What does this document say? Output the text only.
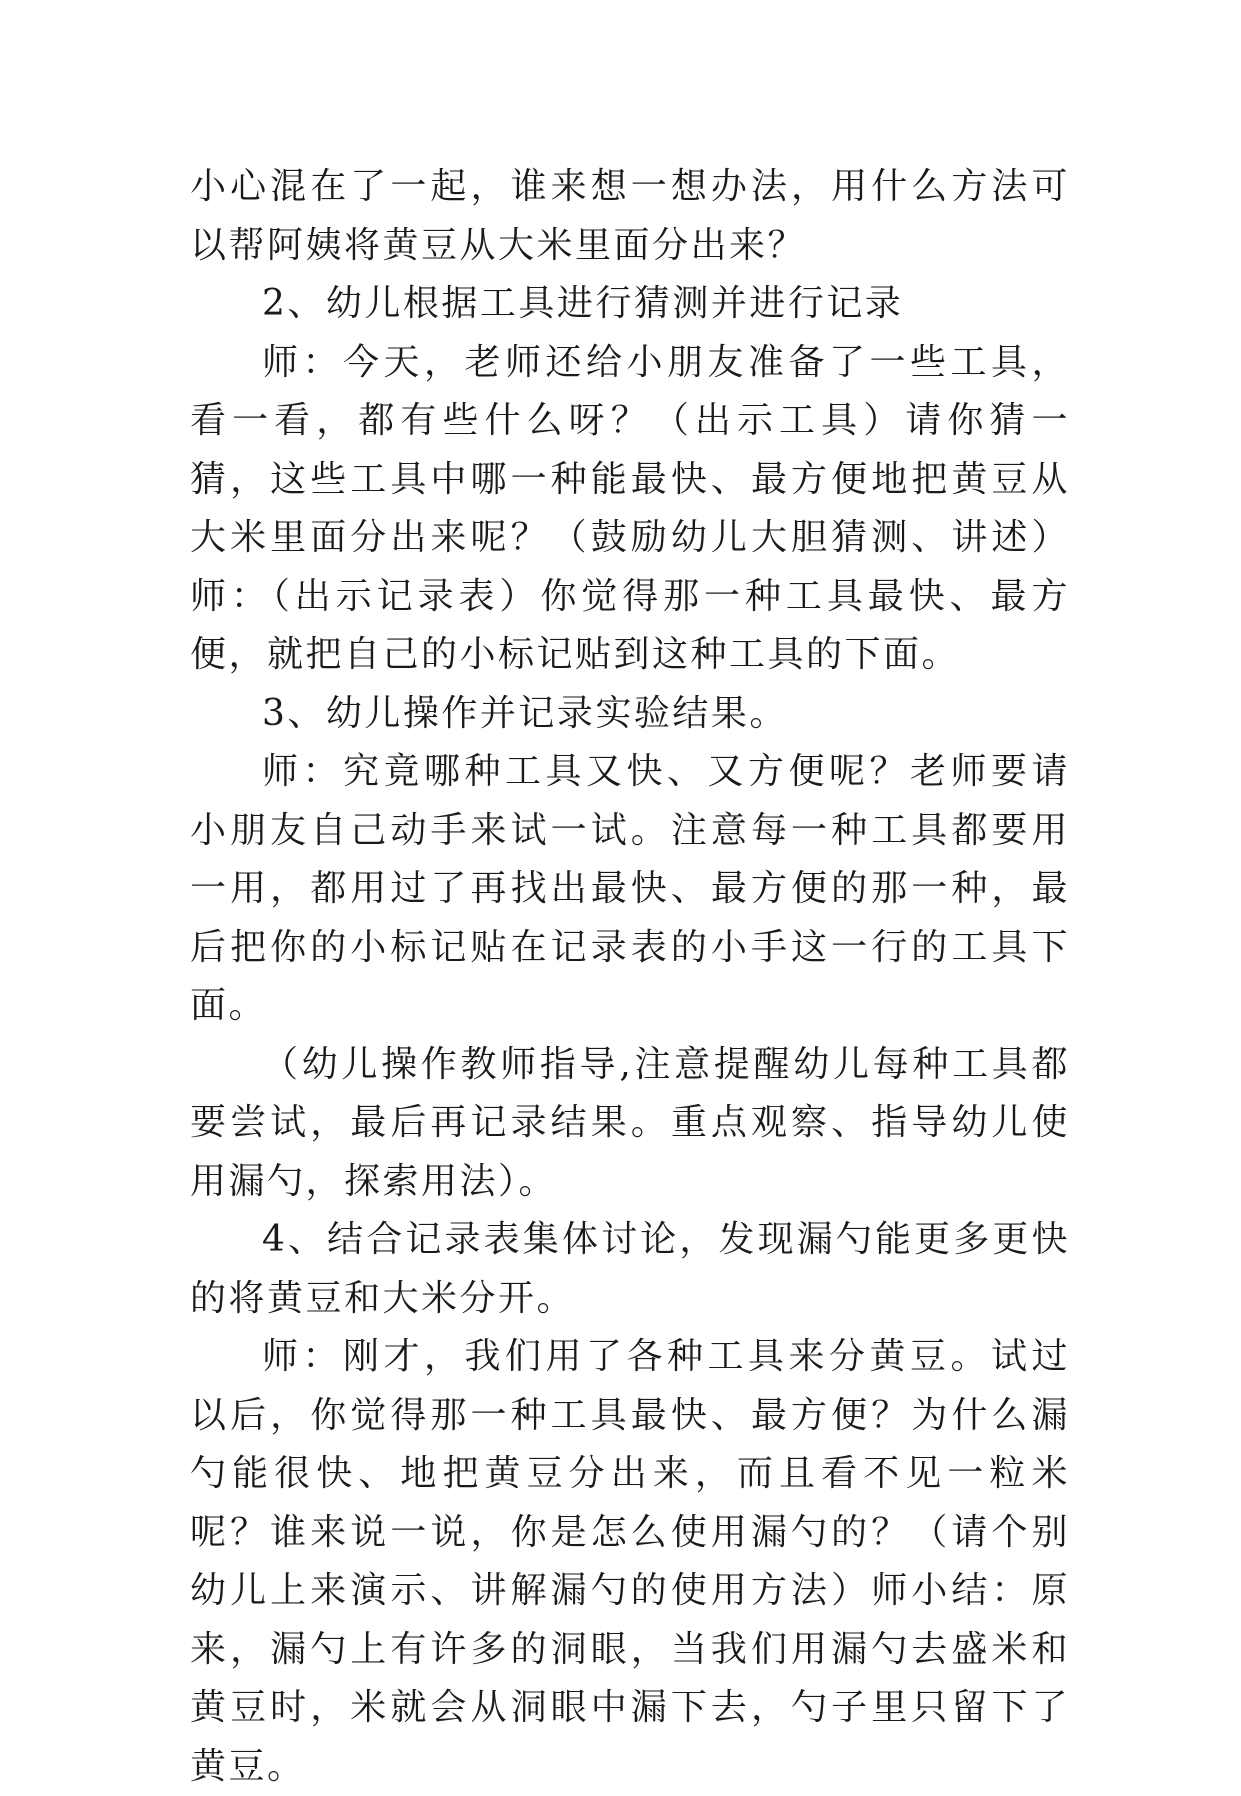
小心混在了一起，谁来想一想办法，用什么方法可以帮阿姨将黄豆从大米里面分出来？

2、幼儿根据工具进行猜测并进行记录

师：今天，老师还给小朋友准备了一些工具，看一看，都有些什么呀？（出示工具）请你猜一猜，这些工具中哪一种能最快、最方便地把黄豆从大米里面分出来呢？（鼓励幼儿大胆猜测、讲述）师：（出示记录表）你觉得那一种工具最快、最方便，就把自己的小标记贴到这种工具的下面。

3、幼儿操作并记录实验结果。

师：究竟哪种工具又快、又方便呢？老师要请小朋友自己动手来试一试。注意每一种工具都要用一用，都用过了再找出最快、最方便的那一种，最后把你的小标记贴在记录表的小手这一行的工具下面。

（幼儿操作教师指导,注意提醒幼儿每种工具都要尝试，最后再记录结果。重点观察、指导幼儿使用漏勺，探索用法）。

4、结合记录表集体讨论，发现漏勺能更多更快的将黄豆和大米分开。

师：刚才，我们用了各种工具来分黄豆。试过以后，你觉得那一种工具最快、最方便？为什么漏勺能很快、地把黄豆分出来，而且看不见一粒米呢？谁来说一说，你是怎么使用漏勺的？（请个别幼儿上来演示、讲解漏勺的使用方法）师小结：原来，漏勺上有许多的洞眼，当我们用漏勺去盛米和黄豆时，米就会从洞眼中漏下去，勺子里只留下了黄豆。
